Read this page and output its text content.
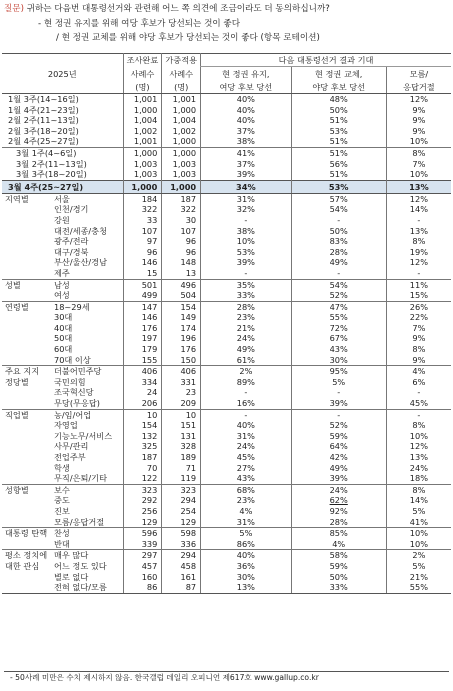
질문) 귀하는 다음번 대통령선거와 관련해 어느 쪽 의견에 조금이라도 더 동의하십니까?
- 현 정권 유지를 위해 여당 후보가 당선되는 것이 좋다
/ 현 정권 교체를 위해 야당 후보가 당선되는 것이 좋다 (항목 로테이션)
2025년	조사완료	가중적용	다음 대통령선거 결과 기대		
	사례수	사례수	현 정권 유지,	현 정권 교체,	모름/
	(명)	(명)	여당 후보 당선	야당 후보 당선	응답거절
1월 3주(14~16일)	1,001	1,001	40%	48%	12%
1월 4주(21~23일)	1,000	1,000	40%	50%	9%
2월 2주(11~13일)	1,004	1,004	40%	51%	9%
2월 3주(18~20일)	1,002	1,002	37%	53%	9%
2월 4주(25~27일)	1,001	1,000	38%	51%	10%
3월 1주(4~6일)	1,000	1,000	41%	51%	8%
3월 2주(11~13일)	1,003	1,003	37%	56%	7%
3월 3주(18~20일)	1,003	1,003	39%	51%	10%
3월 4주(25~27일)	1,000	1,000	34%	53%	13%

지역별 서울	184	187	31%	57%	12%
인천/경기	322	322	32%	54%	14%
강원	33	30	-	-	-
대전/세종/충청	107	107	38%	50%	13%
광주/전라	97	96	10%	83%	8%
대구/경북	96	96	53%	28%	19%
부산/울산/경남	146	148	39%	49%	12%
제주	15	13	-	-	-

성별 남성	501	496	35%	54%	11%
여성	499	504	33%	52%	15%

연령별 18~29세	147	154	28%	47%	26%
30대	146	149	23%	55%	22%
40대	176	174	21%	72%	7%
50대	197	196	24%	67%	9%
60대	179	176	49%	43%	8%
70대 이상	155	150	61%	30%	9%

주요 지지 정당별
더불어민주당	406	406	2%	95%	4%
국민의힘	334	331	89%	5%	6%
조국혁신당	24	23	-	-	-
무당(무응답)	206	209	16%	39%	45%

직업별 농/임/어업	10	10	-	-	-
자영업	154	151	40%	52%	8%
기능노무/서비스	132	131	31%	59%	10%
사무/관리	325	328	24%	64%	12%
전업주부	187	189	45%	42%	13%
학생	70	71	27%	49%	24%
무직/은퇴/기타	122	119	43%	39%	18%

성향별 보수	323	323	68%	24%	8%
중도	292	294	23%	62%	14%
진보	256	254	4%	92%	5%
모름/응답거절	129	129	31%	28%	41%

대통령 탄핵 찬성	596	598	5%	85%	10%
반대	339	336	86%	4%	10%

평소 정치에 대한 관심
매우 많다	297	294	40%	58%	2%
어느 정도 있다	457	458	36%	59%	5%
별로 없다	160	161	30%	50%	21%
전혀 없다/모름	86	87	13%	33%	55%
- 50사례 미만은 수치 제시하지 않음. 한국갤럽 데일리 오피니언 제617호 www.gallup.co.kr
